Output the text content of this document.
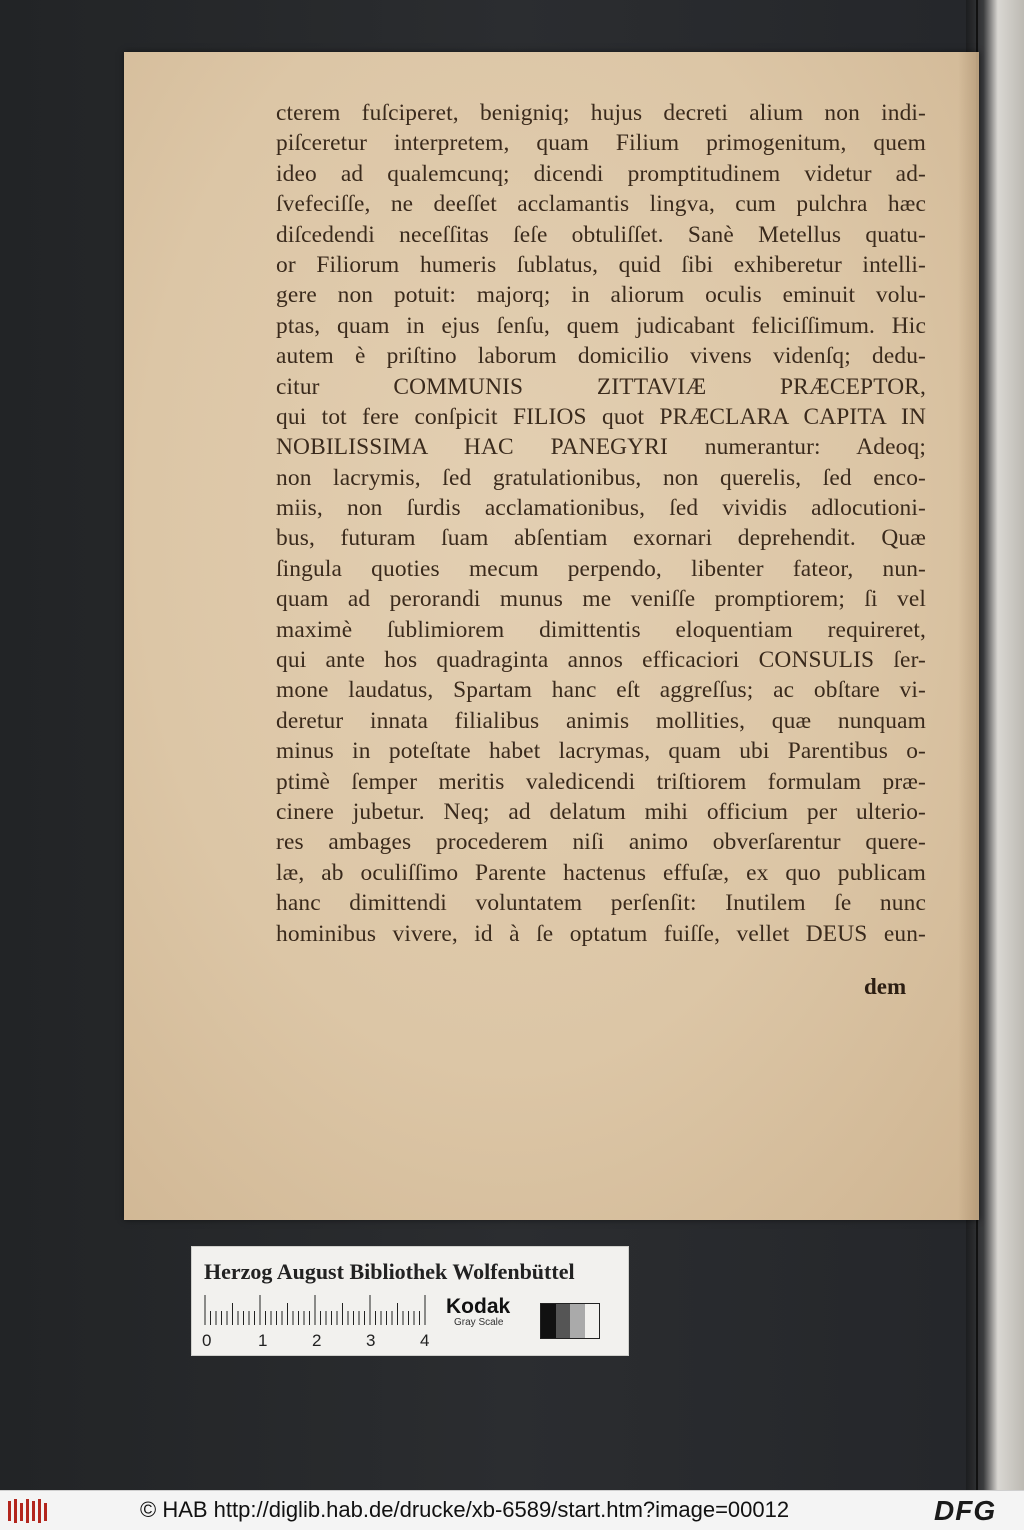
cterem fuſciperet, benigniq; hujus decreti alium non indi-
piſceretur interpretem, quam Filium primogenitum, quem
ideo ad qualemcunq; dicendi promptitudinem videtur ad-
ſvefeciſſe, ne deeſſet acclamantis lingva, cum pulchra hæc
diſcedendi neceſſitas ſeſe obtuliſſet. Sanè Metellus quatu-
or Filiorum humeris ſublatus, quid ſibi exhiberetur intelli-
gere non potuit: majorq; in aliorum oculis eminuit volu-
ptas, quam in ejus ſenſu, quem judicabant feliciſſimum. Hic
autem è priſtino laborum domicilio vivens videnſq; dedu-
citur COMMUNIS ZITTAVIÆ PRÆCEPTOR,
qui tot fere conſpicit FILIOS quot PRÆCLARA CAPITA IN
NOBILISSIMA HAC PANEGYRI numerantur: Adeoq;
non lacrymis, ſed gratulationibus, non querelis, ſed enco-
miis, non ſurdis acclamationibus, ſed vividis adlocutioni-
bus, futuram ſuam abſentiam exornari deprehendit. Quæ
ſingula quoties mecum perpendo, libenter fateor, nun-
quam ad perorandi munus me veniſſe promptiorem; ſi vel
maximè ſublimiorem dimittentis eloquentiam requireret,
qui ante hos quadraginta annos efficaciori CONSULIS ſer-
mone laudatus, Spartam hanc eſt aggreſſus; ac obſtare vi-
deretur innata filialibus animis mollities, quæ nunquam
minus in poteſtate habet lacrymas, quam ubi Parentibus o-
ptimè ſemper meritis valedicendi triſtiorem formulam præ-
cinere jubetur. Neq; ad delatum mihi officium per ulterio-
res ambages procederem niſi animo obverſarentur quere-
læ, ab oculiſſimo Parente hactenus effuſæ, ex quo publicam
hanc dimittendi voluntatem perſenſit: Inutilem ſe nunc
hominibus vivere, id à ſe optatum fuiſſe, vellet DEUS eun-
dem
Herzog August Bibliothek Wolfenbüttel
0	1	2	3	4
Kodak
Gray Scale
© HAB http://diglib.hab.de/drucke/xb-6589/start.htm?image=00012	DFG
